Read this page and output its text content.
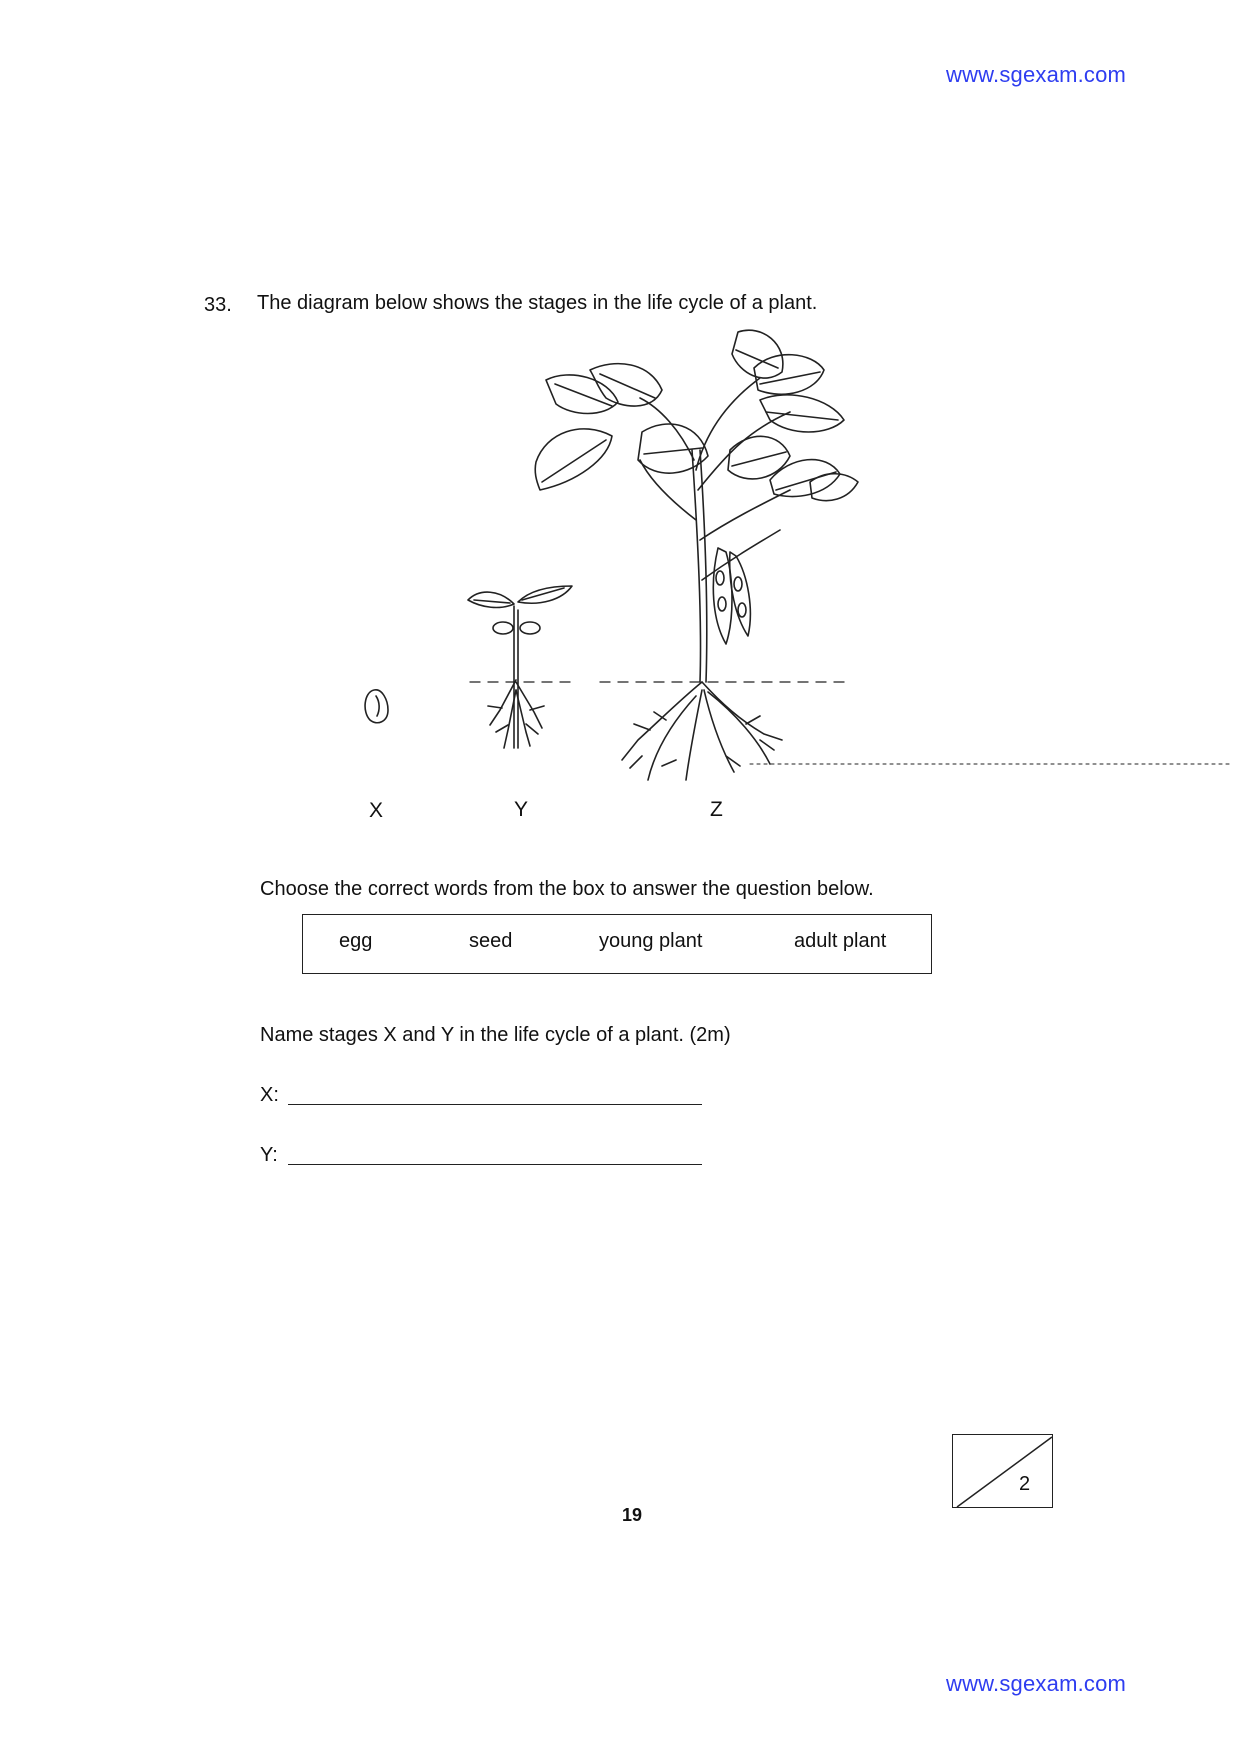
www.sgexam.com
33. The diagram below shows the stages in the life cycle of a plant.
X	Y	Z
Choose the correct words from the box to answer the question below.
egg	seed	young plant	adult plant
Name stages X and Y in the life cycle of a plant. (2m)
X:
Y:
2
19
www.sgexam.com
